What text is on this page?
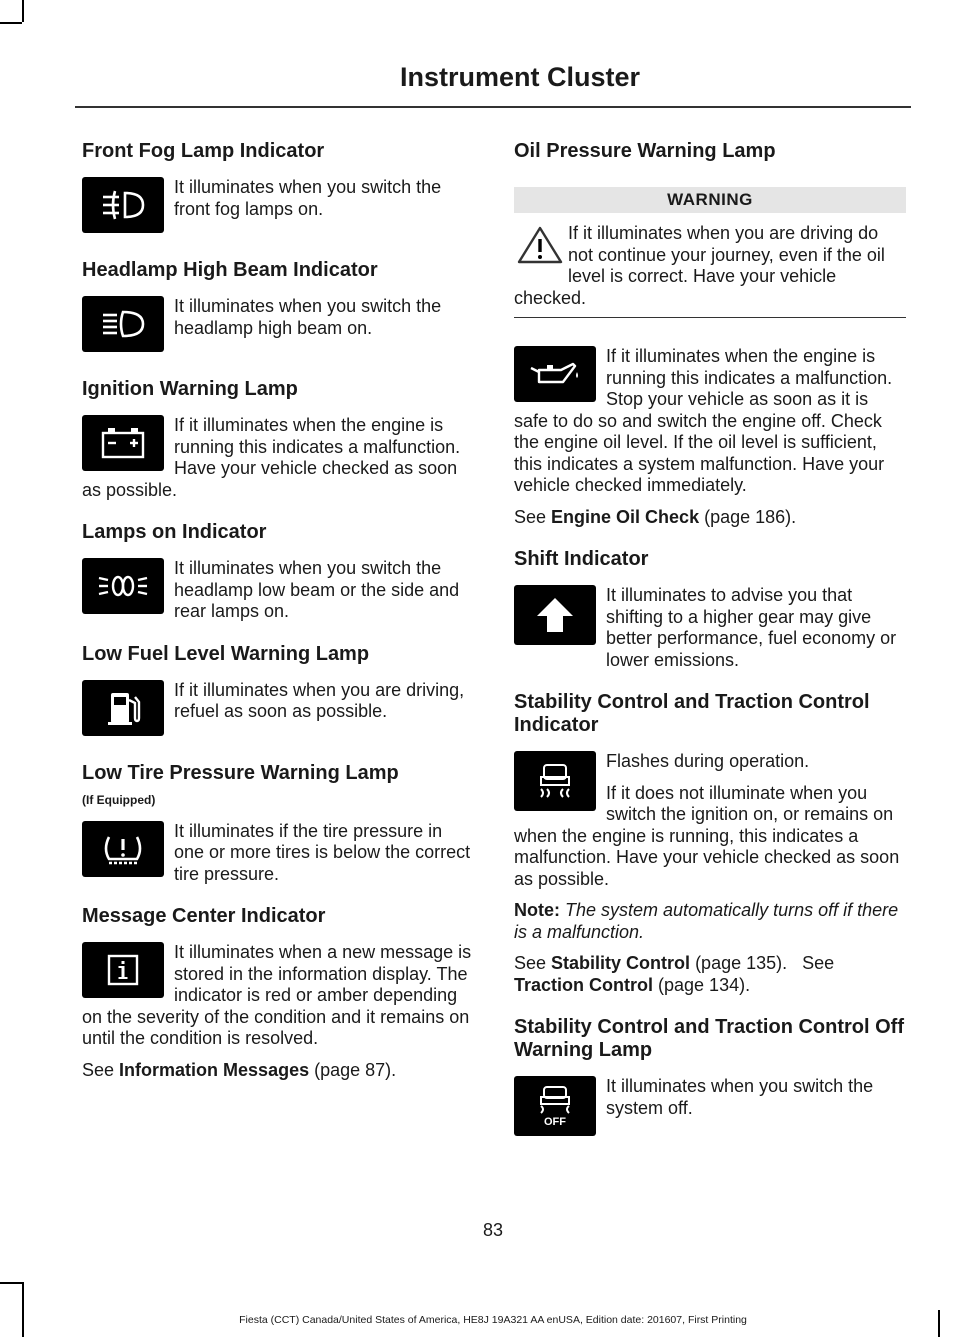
Instrument Cluster
Front Fog Lamp Indicator

It illuminates when you switch the front fog lamps on.

Headlamp High Beam Indicator

It illuminates when you switch the headlamp high beam on.

Ignition Warning Lamp

If it illuminates when the engine is running this indicates a malfunction. Have your vehicle checked as soon as possible.

Lamps on Indicator

It illuminates when you switch the headlamp low beam or the side and rear lamps on.

Low Fuel Level Warning Lamp

If it illuminates when you are driving, refuel as soon as possible.

Low Tire Pressure Warning Lamp
(If Equipped)

It illuminates if the tire pressure in one or more tires is below the correct tire pressure.

Message Center Indicator

It illuminates when a new message is stored in the information display. The indicator is red or amber depending on the severity of the condition and it remains on until the condition is resolved.

See Information Messages (page 87).

Oil Pressure Warning Lamp
WARNING

If it illuminates when you are driving do not continue your journey, even if the oil level is correct. Have your vehicle checked.

If it illuminates when the engine is running this indicates a malfunction. Stop your vehicle as soon as it is safe to do so and switch the engine off. Check the engine oil level. If the oil level is sufficient, this indicates a system malfunction. Have your vehicle checked immediately.

See Engine Oil Check (page 186).

Shift Indicator

It illuminates to advise you that shifting to a higher gear may give better performance, fuel economy or lower emissions.

Stability Control and Traction Control Indicator

Flashes during operation.

If it does not illuminate when you switch the ignition on, or remains on when the engine is running, this indicates a malfunction. Have your vehicle checked as soon as possible.

Note: The system automatically turns off if there is a malfunction.

See Stability Control (page 135). See Traction Control (page 134).

Stability Control and Traction Control Off Warning Lamp
OFF

It illuminates when you switch the system off.

83
Fiesta (CCT) Canada/United States of America, HE8J 19A321 AA enUSA, Edition date: 201607, First Printing
